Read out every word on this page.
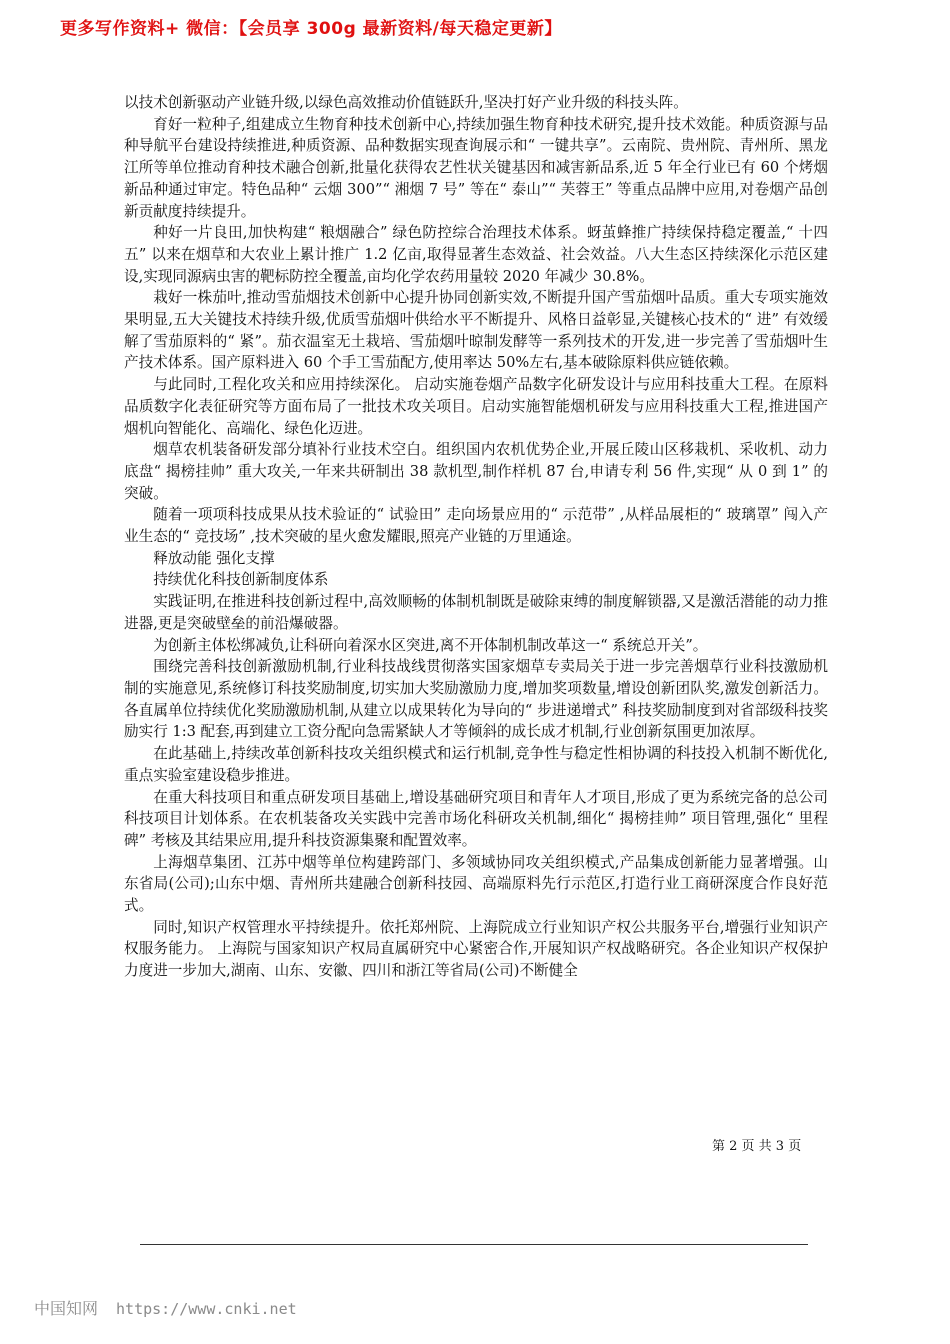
更多写作资料+ 微信：【会员享 300g 最新资料/每天稳定更新】

以技术创新驱动产业链升级,以绿色高效推动价值链跃升,坚决打好产业升级的科技头阵。

育好一粒种子,组建成立生物育种技术创新中心,持续加强生物育种技术研究,提升技术效能。种质资源与品种导航平台建设持续推进,种质资源、品种数据实现查询展示和“ 一键共享”。云南院、贵州院、青州所、黑龙江所等单位推动育种技术融合创新,批量化获得农艺性状关键基因和减害新品系,近 5 年全行业已有 60 个烤烟新品种通过审定。特色品种“ 云烟 300”“ 湘烟 7 号” 等在“ 泰山”“ 芙蓉王” 等重点品牌中应用,对卷烟产品创新贡献度持续提升。

种好一片良田,加快构建“ 粮烟融合” 绿色防控综合治理技术体系。蚜茧蜂推广持续保持稳定覆盖,“ 十四五” 以来在烟草和大农业上累计推广 1.2 亿亩,取得显著生态效益、社会效益。八大生态区持续深化示范区建设,实现同源病虫害的靶标防控全覆盖,亩均化学农药用量较 2020 年减少 30.8%。

栽好一株茄叶,推动雪茄烟技术创新中心提升协同创新实效,不断提升国产雪茄烟叶品质。重大专项实施效果明显,五大关键技术持续升级,优质雪茄烟叶供给水平不断提升、风格日益彰显,关键核心技术的“ 进” 有效缓解了雪茄原料的“ 紧”。茄衣温室无土栽培、雪茄烟叶晾制发酵等一系列技术的开发,进一步完善了雪茄烟叶生产技术体系。国产原料进入 60 个手工雪茄配方,使用率达 50%左右,基本破除原料供应链依赖。

与此同时,工程化攻关和应用持续深化。 启动实施卷烟产品数字化研发设计与应用科技重大工程。在原料品质数字化表征研究等方面布局了一批技术攻关项目。启动实施智能烟机研发与应用科技重大工程,推进国产烟机向智能化、高端化、绿色化迈进。

烟草农机装备研发部分填补行业技术空白。组织国内农机优势企业,开展丘陵山区移栽机、采收机、动力底盘“ 揭榜挂帅” 重大攻关,一年来共研制出 38 款机型,制作样机 87 台,申请专利 56 件,实现“ 从 0 到 1” 的突破。

随着一项项科技成果从技术验证的“ 试验田” 走向场景应用的“ 示范带” ,从样品展柜的“ 玻璃罩” 闯入产业生态的“ 竞技场” ,技术突破的星火愈发耀眼,照亮产业链的万里通途。

释放动能 强化支撑

持续优化科技创新制度体系

实践证明,在推进科技创新过程中,高效顺畅的体制机制既是破除束缚的制度解锁器,又是激活潜能的动力推进器,更是突破壁垒的前沿爆破器。

为创新主体松绑减负,让科研向着深水区突进,离不开体制机制改革这一“ 系统总开关”。

围绕完善科技创新激励机制,行业科技战线贯彻落实国家烟草专卖局关于进一步完善烟草行业科技激励机制的实施意见,系统修订科技奖励制度,切实加大奖励激励力度,增加奖项数量,增设创新团队奖,激发创新活力。各直属单位持续优化奖励激励机制,从建立以成果转化为导向的“ 步进递增式” 科技奖励制度到对省部级科技奖励实行 1:3 配套,再到建立工资分配向急需紧缺人才等倾斜的成长成才机制,行业创新氛围更加浓厚。

在此基础上,持续改革创新科技攻关组织模式和运行机制,竞争性与稳定性相协调的科技投入机制不断优化,重点实验室建设稳步推进。

在重大科技项目和重点研发项目基础上,增设基础研究项目和青年人才项目,形成了更为系统完备的总公司科技项目计划体系。在农机装备攻关实践中完善市场化科研攻关机制,细化“ 揭榜挂帅” 项目管理,强化“ 里程碑” 考核及其结果应用,提升科技资源集聚和配置效率。

上海烟草集团、江苏中烟等单位构建跨部门、多领域协同攻关组织模式,产品集成创新能力显著增强。山东省局(公司);山东中烟、青州所共建融合创新科技园、高端原料先行示范区,打造行业工商研深度合作良好范式。

同时,知识产权管理水平持续提升。依托郑州院、上海院成立行业知识产权公共服务平台,增强行业知识产权服务能力。 上海院与国家知识产权局直属研究中心紧密合作,开展知识产权战略研究。各企业知识产权保护力度进一步加大,湖南、山东、安徽、四川和浙江等省局(公司)不断健全

第 2 页 共 3 页
中国知网 https://www.cnki.net
